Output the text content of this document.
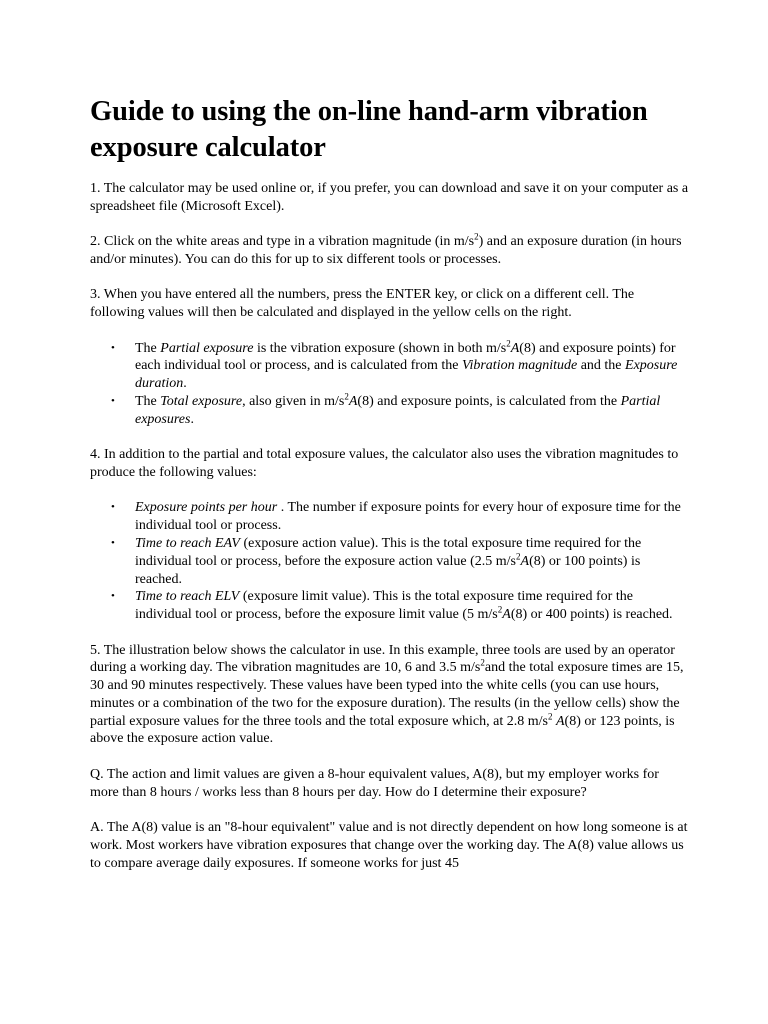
Guide to using the on-line hand-arm vibration exposure calculator

1. The calculator may be used online or, if you prefer, you can download and save it on your computer as a spreadsheet file (Microsoft Excel).

2. Click on the white areas and type in a vibration magnitude (in $m/s^2$) and an exposure duration (in hours and/or minutes). You can do this for up to six different tools or processes.

3. When you have entered all the numbers, press the ENTER key, or click on a different cell. The following values will then be calculated and displayed in the yellow cells on the right.

• The Partial exposure is the vibration exposure (shown in both $m/s^2A(8)$ and exposure points) for each individual tool or process, and is calculated from the Vibration magnitude and the Exposure duration.
• The Total exposure, also given in $m/s^2A(8)$ and exposure points, is calculated from the Partial exposures.

4. In addition to the partial and total exposure values, the calculator also uses the vibration magnitudes to produce the following values:

• Exposure points per hour . The number if exposure points for every hour of exposure time for the individual tool or process.
• Time to reach EAV (exposure action value). This is the total exposure time required for the individual tool or process, before the exposure action value (2.5 $m/s^2A(8)$ or 100 points) is reached.
• Time to reach ELV (exposure limit value). This is the total exposure time required for the individual tool or process, before the exposure limit value (5 $m/s^2A(8)$ or 400 points) is reached.

5. The illustration below shows the calculator in use. In this example, three tools are used by an operator during a working day. The vibration magnitudes are 10, 6 and 3.5 $m/s^2and$ the total exposure times are 15, 30 and 90 minutes respectively. These values have been typed into the white cells (you can use hours, minutes or a combination of the two for the exposure duration). The results (in the yellow cells) show the partial exposure values for the three tools and the total exposure which, at 2.8 $m/s^2$ A(8) or 123 points, is above the exposure action value.

Q. The action and limit values are given a 8-hour equivalent values, A(8), but my employer works for more than 8 hours / works less than 8 hours per day. How do I determine their exposure?

A. The A(8) value is an "8-hour equivalent" value and is not directly dependent on how long someone is at work. Most workers have vibration exposures that change over the working day. The A(8) value allows us to compare average daily exposures. If someone works for just 45
